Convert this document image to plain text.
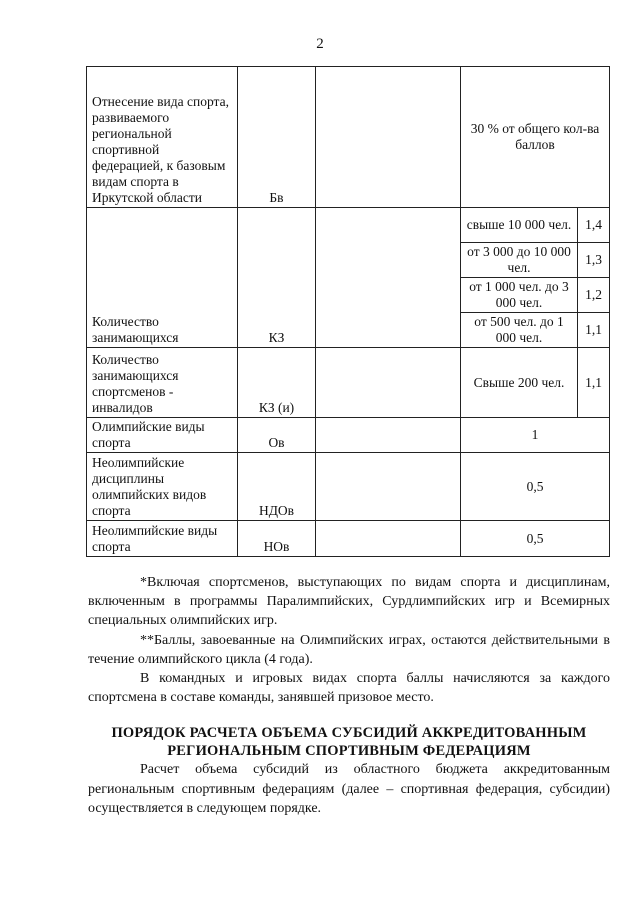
2
Отнесение вида спорта, развиваемого региональной спортивной федерацией, к базовым видам спорта в Иркутской области	Бв		30 % от общего кол-ва баллов	
Количество занимающихся	КЗ		свыше 10 000 чел.	1,4
			от 3 000 до 10 000 чел.	1,3
			от 1 000 чел. до 3 000 чел.	1,2
			от 500 чел. до 1 000 чел.	1,1
Количество занимающихся спортсменов - инвалидов	КЗ (и)		Свыше 200 чел.	1,1
Олимпийские виды спорта	Ов		1	
Неолимпийские дисциплины олимпийских видов спорта	НДОв		0,5	
Неолимпийские виды спорта	НОв		0,5	

*Включая спортсменов, выступающих по видам спорта и дисциплинам, включенным в программы Паралимпийских, Сурдлимпийских игр и Всемирных специальных олимпийских игр.

**Баллы, завоеванные на Олимпийских играх, остаются действительными в течение олимпийского цикла (4 года).

В командных и игровых видах спорта баллы начисляются за каждого спортсмена в составе команды, занявшей призовое место.

ПОРЯДОК РАСЧЕТА ОБЪЕМА СУБСИДИЙ АККРЕДИТОВАННЫМ РЕГИОНАЛЬНЫМ СПОРТИВНЫМ ФЕДЕРАЦИЯМ

Расчет объема субсидий из областного бюджета аккредитованным региональным спортивным федерациям (далее – спортивная федерация, субсидии) осуществляется в следующем порядке.
